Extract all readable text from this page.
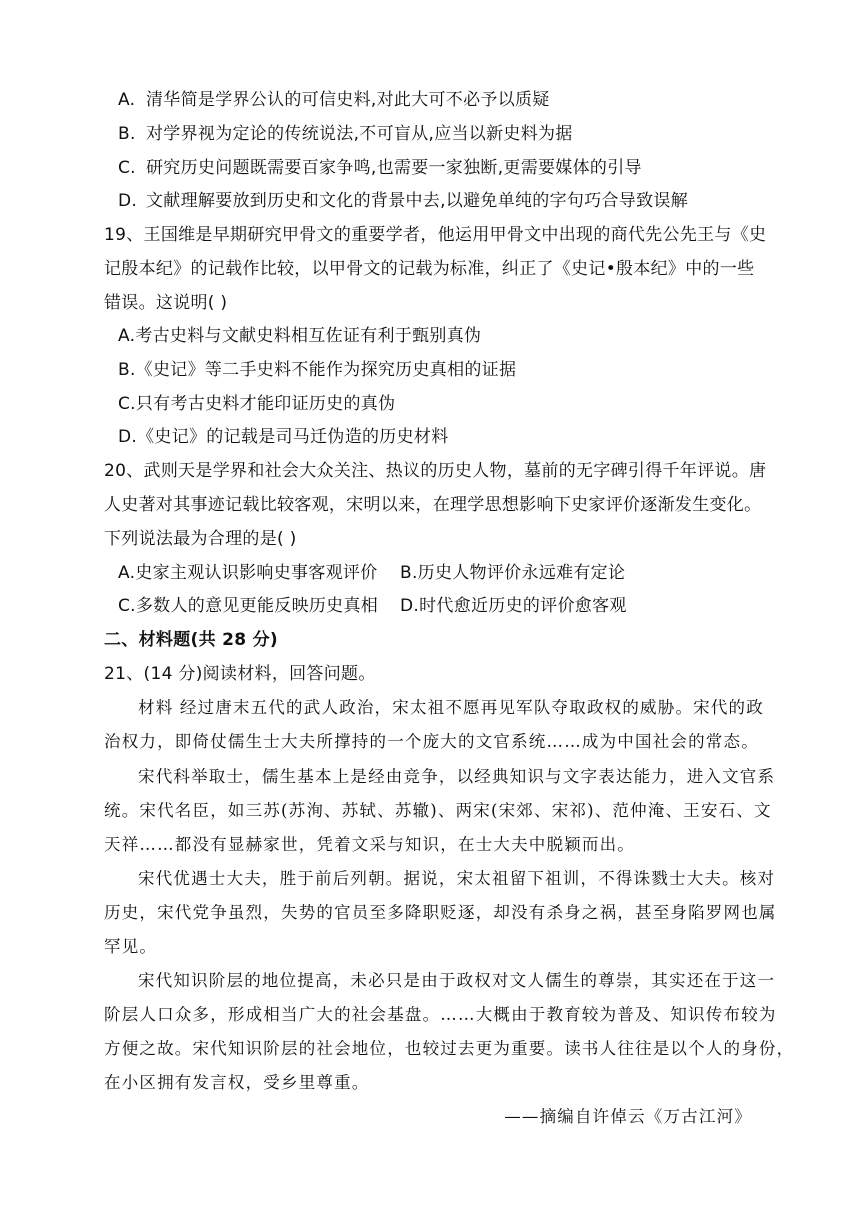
A. 清华简是学界公认的可信史料,对此大可不必予以质疑
B. 对学界视为定论的传统说法,不可盲从,应当以新史料为据
C. 研究历史问题既需要百家争鸣,也需要一家独断,更需要媒体的引导
D. 文献理解要放到历史和文化的背景中去,以避免单纯的字句巧合导致误解
19、王国维是早期研究甲骨文的重要学者，他运用甲骨文中出现的商代先公先王与《史
记殷本纪》的记载作比较，以甲骨文的记载为标准，纠正了《史记•殷本纪》中的一些
错误。这说明( )
A.考古史料与文献史料相互佐证有利于甄别真伪
B.《史记》等二手史料不能作为探究历史真相的证据
C.只有考古史料才能印证历史的真伪
D.《史记》的记载是司马迁伪造的历史材料
20、武则天是学界和社会大众关注、热议的历史人物，墓前的无字碑引得千年评说。唐
人史著对其事迹记载比较客观，宋明以来，在理学思想影响下史家评价逐渐发生变化。
下列说法最为合理的是( )
A.史家主观认识影响史事客观评价 B.历史人物评价永远难有定论
C.多数人的意见更能反映历史真相 D.时代愈近历史的评价愈客观
二、材料题(共 28 分)
21、(14 分)阅读材料，回答问题。
材料 经过唐末五代的武人政治，宋太祖不愿再见军队夺取政权的威胁。宋代的政
治权力，即倚仗儒生士大夫所撑持的一个庞大的文官系统……成为中国社会的常态。
宋代科举取士，儒生基本上是经由竞争，以经典知识与文字表达能力，进入文官系
统。宋代名臣，如三苏(苏洵、苏轼、苏辙)、两宋(宋郊、宋祁)、范仲淹、王安石、文
天祥……都没有显赫家世，凭着文采与知识，在士大夫中脱颖而出。
宋代优遇士大夫，胜于前后列朝。据说，宋太祖留下祖训，不得诛戮士大夫。核对
历史，宋代党争虽烈，失势的官员至多降职贬逐，却没有杀身之祸，甚至身陷罗网也属
罕见。
宋代知识阶层的地位提高，未必只是由于政权对文人儒生的尊崇，其实还在于这一
阶层人口众多，形成相当广大的社会基盘。……大概由于教育较为普及、知识传布较为
方便之故。宋代知识阶层的社会地位，也较过去更为重要。读书人往往是以个人的身份，
在小区拥有发言权，受乡里尊重。
——摘编自许倬云《万古江河》
